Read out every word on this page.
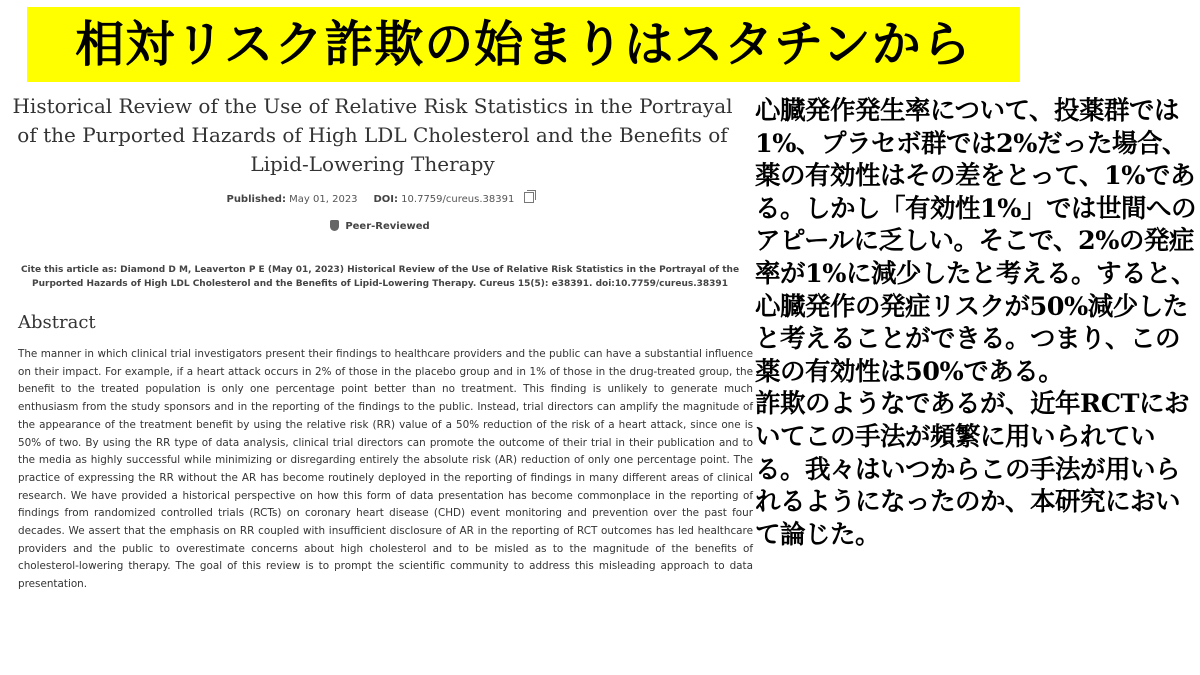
相対リスク詐欺の始まりはスタチンから
Historical Review of the Use of Relative Risk Statistics in the Portrayal of the Purported Hazards of High LDL Cholesterol and the Benefits of Lipid-Lowering Therapy
Published: May 01, 2023 DOI: 10.7759/cureus.38391
Peer-Reviewed
Cite this article as: Diamond D M, Leaverton P E (May 01, 2023) Historical Review of the Use of Relative Risk Statistics in the Portrayal of the Purported Hazards of High LDL Cholesterol and the Benefits of Lipid-Lowering Therapy. Cureus 15(5): e38391. doi:10.7759/cureus.38391
Abstract
The manner in which clinical trial investigators present their findings to healthcare providers and the public can have a substantial influence on their impact. For example, if a heart attack occurs in 2% of those in the placebo group and in 1% of those in the drug-treated group, the benefit to the treated population is only one percentage point better than no treatment. This finding is unlikely to generate much enthusiasm from the study sponsors and in the reporting of the findings to the public. Instead, trial directors can amplify the magnitude of the appearance of the treatment benefit by using the relative risk (RR) value of a 50% reduction of the risk of a heart attack, since one is 50% of two. By using the RR type of data analysis, clinical trial directors can promote the outcome of their trial in their publication and to the media as highly successful while minimizing or disregarding entirely the absolute risk (AR) reduction of only one percentage point. The practice of expressing the RR without the AR has become routinely deployed in the reporting of findings in many different areas of clinical research. We have provided a historical perspective on how this form of data presentation has become commonplace in the reporting of findings from randomized controlled trials (RCTs) on coronary heart disease (CHD) event monitoring and prevention over the past four decades. We assert that the emphasis on RR coupled with insufficient disclosure of AR in the reporting of RCT outcomes has led healthcare providers and the public to overestimate concerns about high cholesterol and to be misled as to the magnitude of the benefits of cholesterol-lowering therapy. The goal of this review is to prompt the scientific community to address this misleading approach to data presentation.

心臓発作発生率について、投薬群では1%、プラセボ群では2%だった場合、薬の有効性はその差をとって、1%である。しかし「有効性1%」では世間へのアピールに乏しい。そこで、2%の発症率が1%に減少したと考える。すると、心臓発作の発症リスクが50%減少したと考えることができる。つまり、この薬の有効性は50%である。

詐欺のようなであるが、近年RCTにおいてこの手法が頻繁に用いられている。我々はいつからこの手法が用いられるようになったのか、本研究において論じた。
